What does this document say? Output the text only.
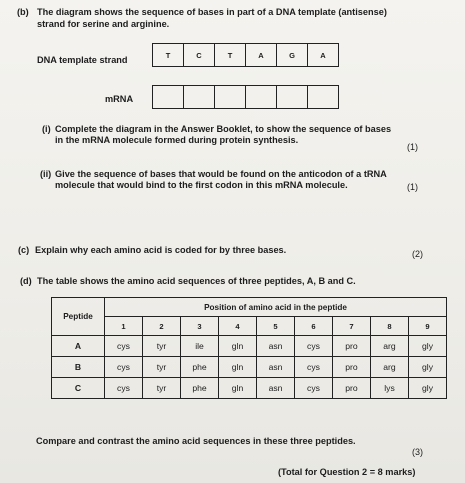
(b) The diagram shows the sequence of bases in part of a DNA template (antisense)
strand for serine and arginine.
DNA template strand	T	C	T	A	G	A
mRNA
(i) Complete the diagram in the Answer Booklet, to show the sequence of bases
in the mRNA molecule formed during protein synthesis.
(1)
(ii) Give the sequence of bases that would be found on the anticodon of a tRNA
molecule that would bind to the first codon in this mRNA molecule.	(1)
(c) Explain why each amino acid is coded for by three bases.	(2)
(d) The table shows the amino acid sequences of three peptides, A, B and C.
Peptide	Position of amino acid in the peptide								
	1	2	3	4	5	6	7	8	9
A	cys	tyr	ile	gln	asn	cys	pro	arg	gly
B	cys	tyr	phe	gln	asn	cys	pro	arg	gly
C	cys	tyr	phe	gln	asn	cys	pro	lys	gly
Compare and contrast the amino acid sequences in these three peptides.
(3)
(Total for Question 2 = 8 marks)
